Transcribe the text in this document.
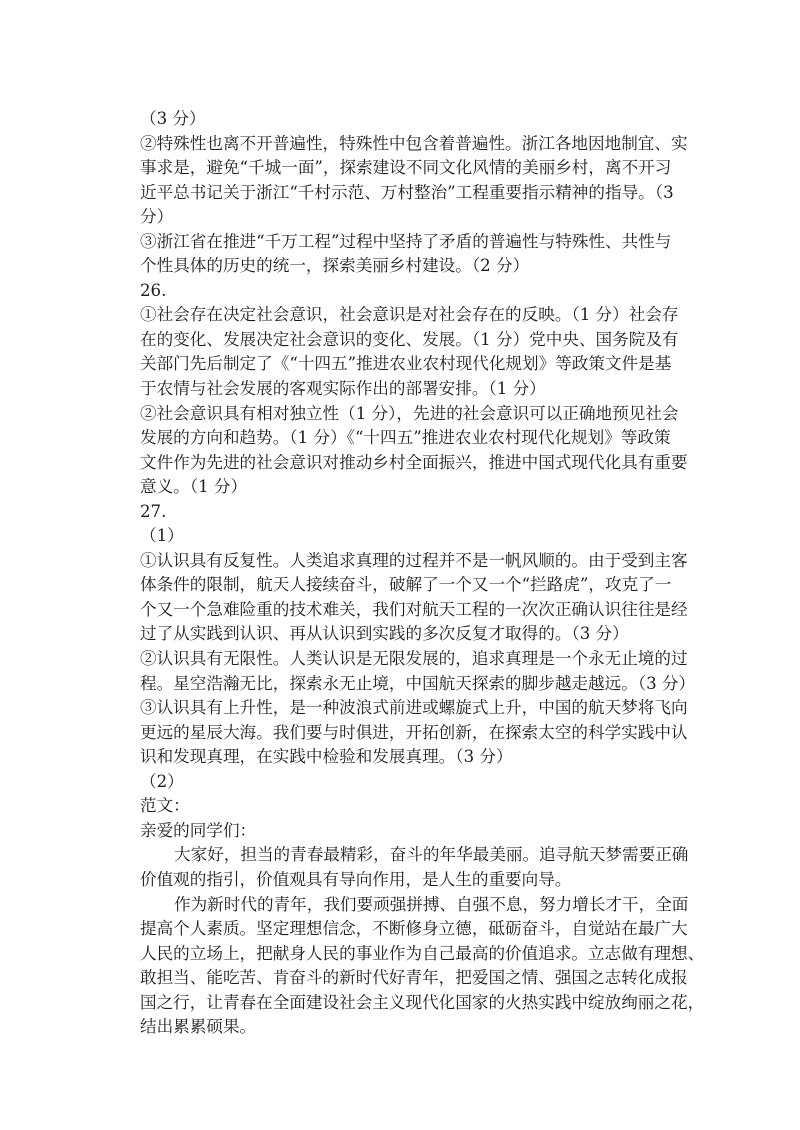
（3 分）
②特殊性也离不开普遍性，特殊性中包含着普遍性。浙江各地因地制宜、实
事求是，避免“千城一面”，探索建设不同文化风情的美丽乡村，离不开习
近平总书记关于浙江“千村示范、万村整治”工程重要指示精神的指导。（3
分）
③浙江省在推进“千万工程”过程中坚持了矛盾的普遍性与特殊性、共性与
个性具体的历史的统一，探索美丽乡村建设。（2 分）
26.
①社会存在决定社会意识，社会意识是对社会存在的反映。（1 分）社会存
在的变化、发展决定社会意识的变化、发展。（1 分）党中央、国务院及有
关部门先后制定了《“十四五”推进农业农村现代化规划》等政策文件是基
于农情与社会发展的客观实际作出的部署安排。（1 分）
②社会意识具有相对独立性（1 分），先进的社会意识可以正确地预见社会
发展的方向和趋势。（1 分）《“十四五”推进农业农村现代化规划》等政策
文件作为先进的社会意识对推动乡村全面振兴，推进中国式现代化具有重要
意义。（1 分）
27.
（1）
①认识具有反复性。人类追求真理的过程并不是一帆风顺的。由于受到主客
体条件的限制，航天人接续奋斗，破解了一个又一个“拦路虎”，攻克了一
个又一个急难险重的技术难关，我们对航天工程的一次次正确认识往往是经
过了从实践到认识、再从认识到实践的多次反复才取得的。（3 分）
②认识具有无限性。人类认识是无限发展的，追求真理是一个永无止境的过
程。星空浩瀚无比，探索永无止境，中国航天探索的脚步越走越远。（3 分）
③认识具有上升性，是一种波浪式前进或螺旋式上升，中国的航天梦将飞向
更远的星辰大海。我们要与时俱进，开拓创新，在探索太空的科学实践中认
识和发现真理，在实践中检验和发展真理。（3 分）
（2）
范文：
亲爱的同学们：
大家好，担当的青春最精彩，奋斗的年华最美丽。追寻航天梦需要正确
价值观的指引，价值观具有导向作用，是人生的重要向导。
作为新时代的青年，我们要顽强拼搏、自强不息，努力增长才干，全面
提高个人素质。坚定理想信念，不断修身立德，砥砺奋斗，自觉站在最广大
人民的立场上，把献身人民的事业作为自己最高的价值追求。立志做有理想、
敢担当、能吃苦、肯奋斗的新时代好青年，把爱国之情、强国之志转化成报
国之行，让青春在全面建设社会主义现代化国家的火热实践中绽放绚丽之花，
结出累累硕果。
